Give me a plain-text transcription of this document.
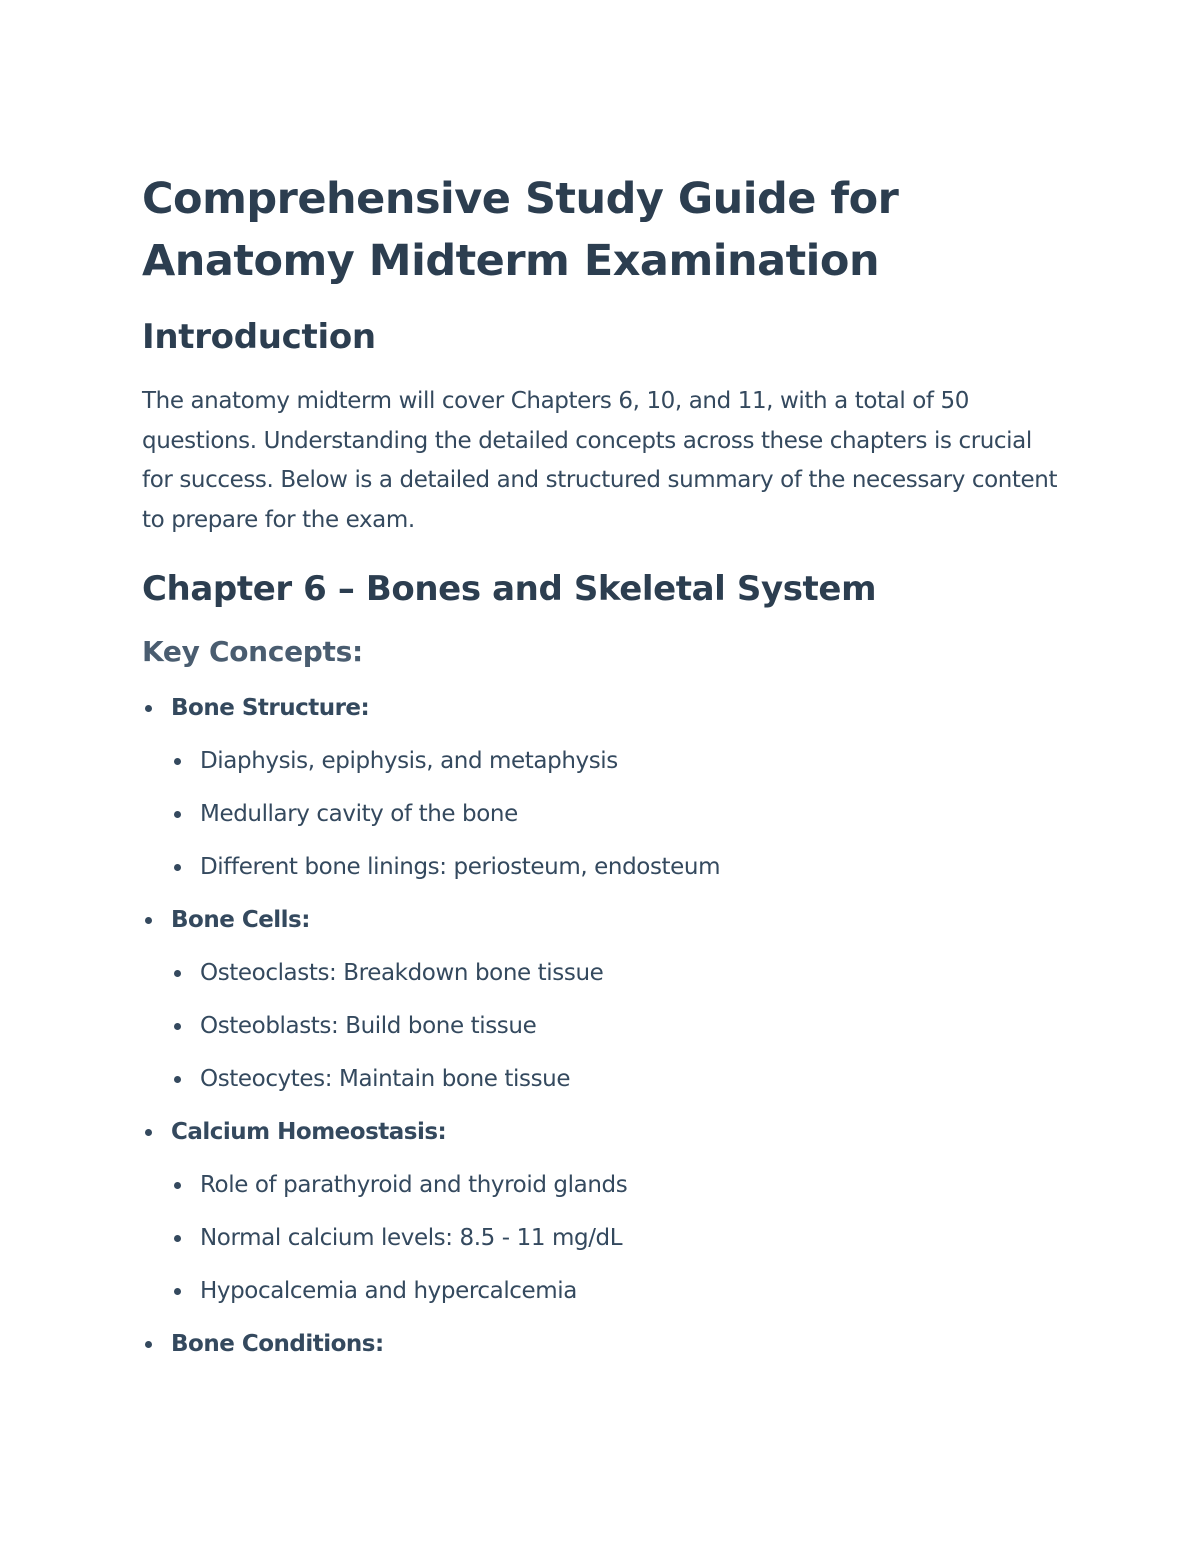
Comprehensive Study Guide for Anatomy Midterm Examination
Introduction

The anatomy midterm will cover Chapters 6, 10, and 11, with a total of 50 questions. Understanding the detailed concepts across these chapters is crucial for success. Below is a detailed and structured summary of the necessary content to prepare for the exam.

Chapter 6 – Bones and Skeletal System
Key Concepts:
Bone Structure:
Diaphysis, epiphysis, and metaphysis
Medullary cavity of the bone
Different bone linings: periosteum, endosteum
Bone Cells:
Osteoclasts: Breakdown bone tissue
Osteoblasts: Build bone tissue
Osteocytes: Maintain bone tissue
Calcium Homeostasis:
Role of parathyroid and thyroid glands
Normal calcium levels: 8.5 - 11 mg/dL
Hypocalcemia and hypercalcemia
Bone Conditions:
